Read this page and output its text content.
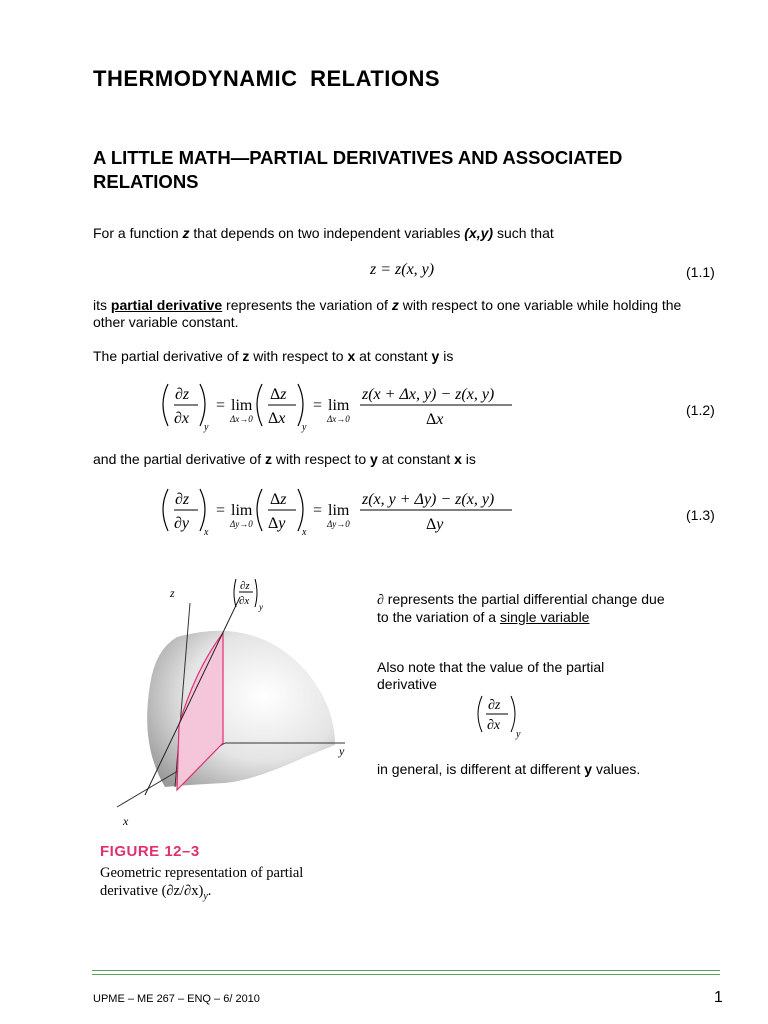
THERMODYNAMIC RELATIONS
A LITTLE MATH—PARTIAL DERIVATIVES AND ASSOCIATED RELATIONS
For a function z that depends on two independent variables (x,y) such that
z = z(x, y)	(1.1)
its partial derivative represents the variation of z with respect to one variable while holding the other variable constant.
The partial derivative of z with respect to x at constant y is
∂z
∂x
y
= lim
Δx→0
Δz
Δx
y
= lim
Δx→0
z(x + Δx, y) − z(x, y)
Δx
(1.2)
and the partial derivative of z with respect to y at constant x is
∂z
∂y
x
= lim
Δy→0
Δz
Δy
x
= lim
Δy→0
z(x, y + Δy) − z(x, y)
Δy
(1.3)
z
y
x
∂z
∂x y
FIGURE 12–3
Geometric representation of partial derivative $(\partial z/\partial x)_y$.
∂ represents the partial differential change due to the variation of a single variable
Also note that the value of the partial derivative
∂z
∂x
y
in general, is different at different y values.
UPME – ME 267 – ENQ – 6/ 2010	1
